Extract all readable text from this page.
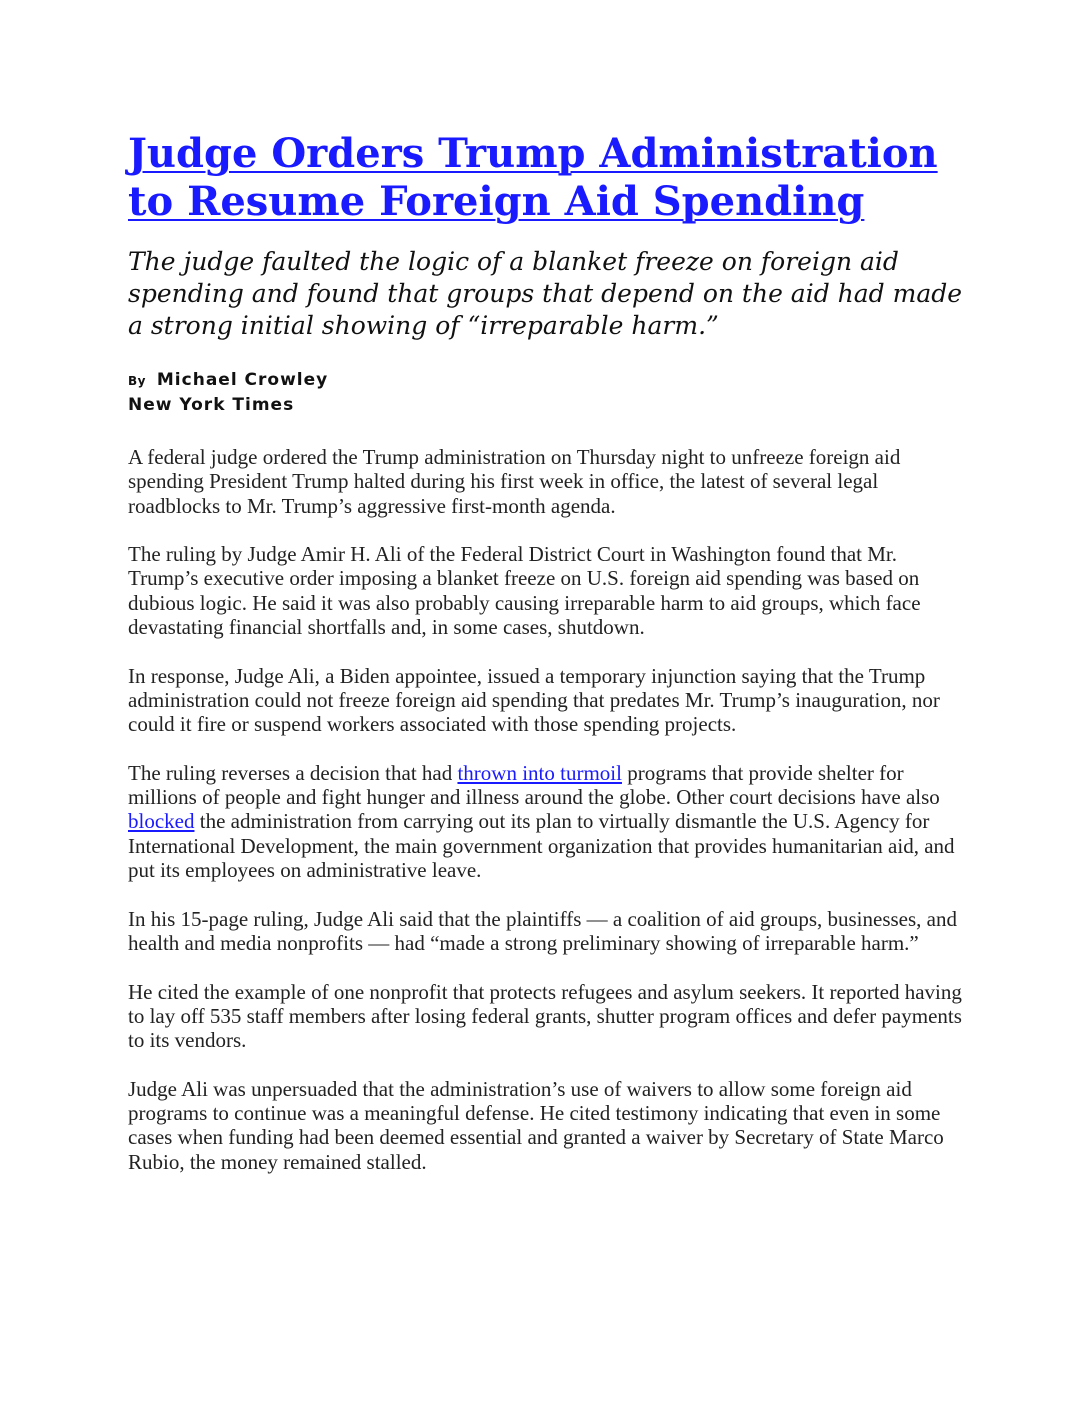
Judge Orders Trump Administration to Resume Foreign Aid Spending

The judge faulted the logic of a blanket freeze on foreign aid spending and found that groups that depend on the aid had made a strong initial showing of “irreparable harm.”

By Michael Crowley
New York Times

A federal judge ordered the Trump administration on Thursday night to unfreeze foreign aid spending President Trump halted during his first week in office, the latest of several legal roadblocks to Mr. Trump’s aggressive first-month agenda.

The ruling by Judge Amir H. Ali of the Federal District Court in Washington found that Mr. Trump’s executive order imposing a blanket freeze on U.S. foreign aid spending was based on dubious logic. He said it was also probably causing irreparable harm to aid groups, which face devastating financial shortfalls and, in some cases, shutdown.

In response, Judge Ali, a Biden appointee, issued a temporary injunction saying that the Trump administration could not freeze foreign aid spending that predates Mr. Trump’s inauguration, nor could it fire or suspend workers associated with those spending projects.

The ruling reverses a decision that had thrown into turmoil programs that provide shelter for millions of people and fight hunger and illness around the globe. Other court decisions have also blocked the administration from carrying out its plan to virtually dismantle the U.S. Agency for International Development, the main government organization that provides humanitarian aid, and put its employees on administrative leave.

In his 15-page ruling, Judge Ali said that the plaintiffs — a coalition of aid groups, businesses, and health and media nonprofits — had “made a strong preliminary showing of irreparable harm.”

He cited the example of one nonprofit that protects refugees and asylum seekers. It reported having to lay off 535 staff members after losing federal grants, shutter program offices and defer payments to its vendors.

Judge Ali was unpersuaded that the administration’s use of waivers to allow some foreign aid programs to continue was a meaningful defense. He cited testimony indicating that even in some cases when funding had been deemed essential and granted a waiver by Secretary of State Marco Rubio, the money remained stalled.
